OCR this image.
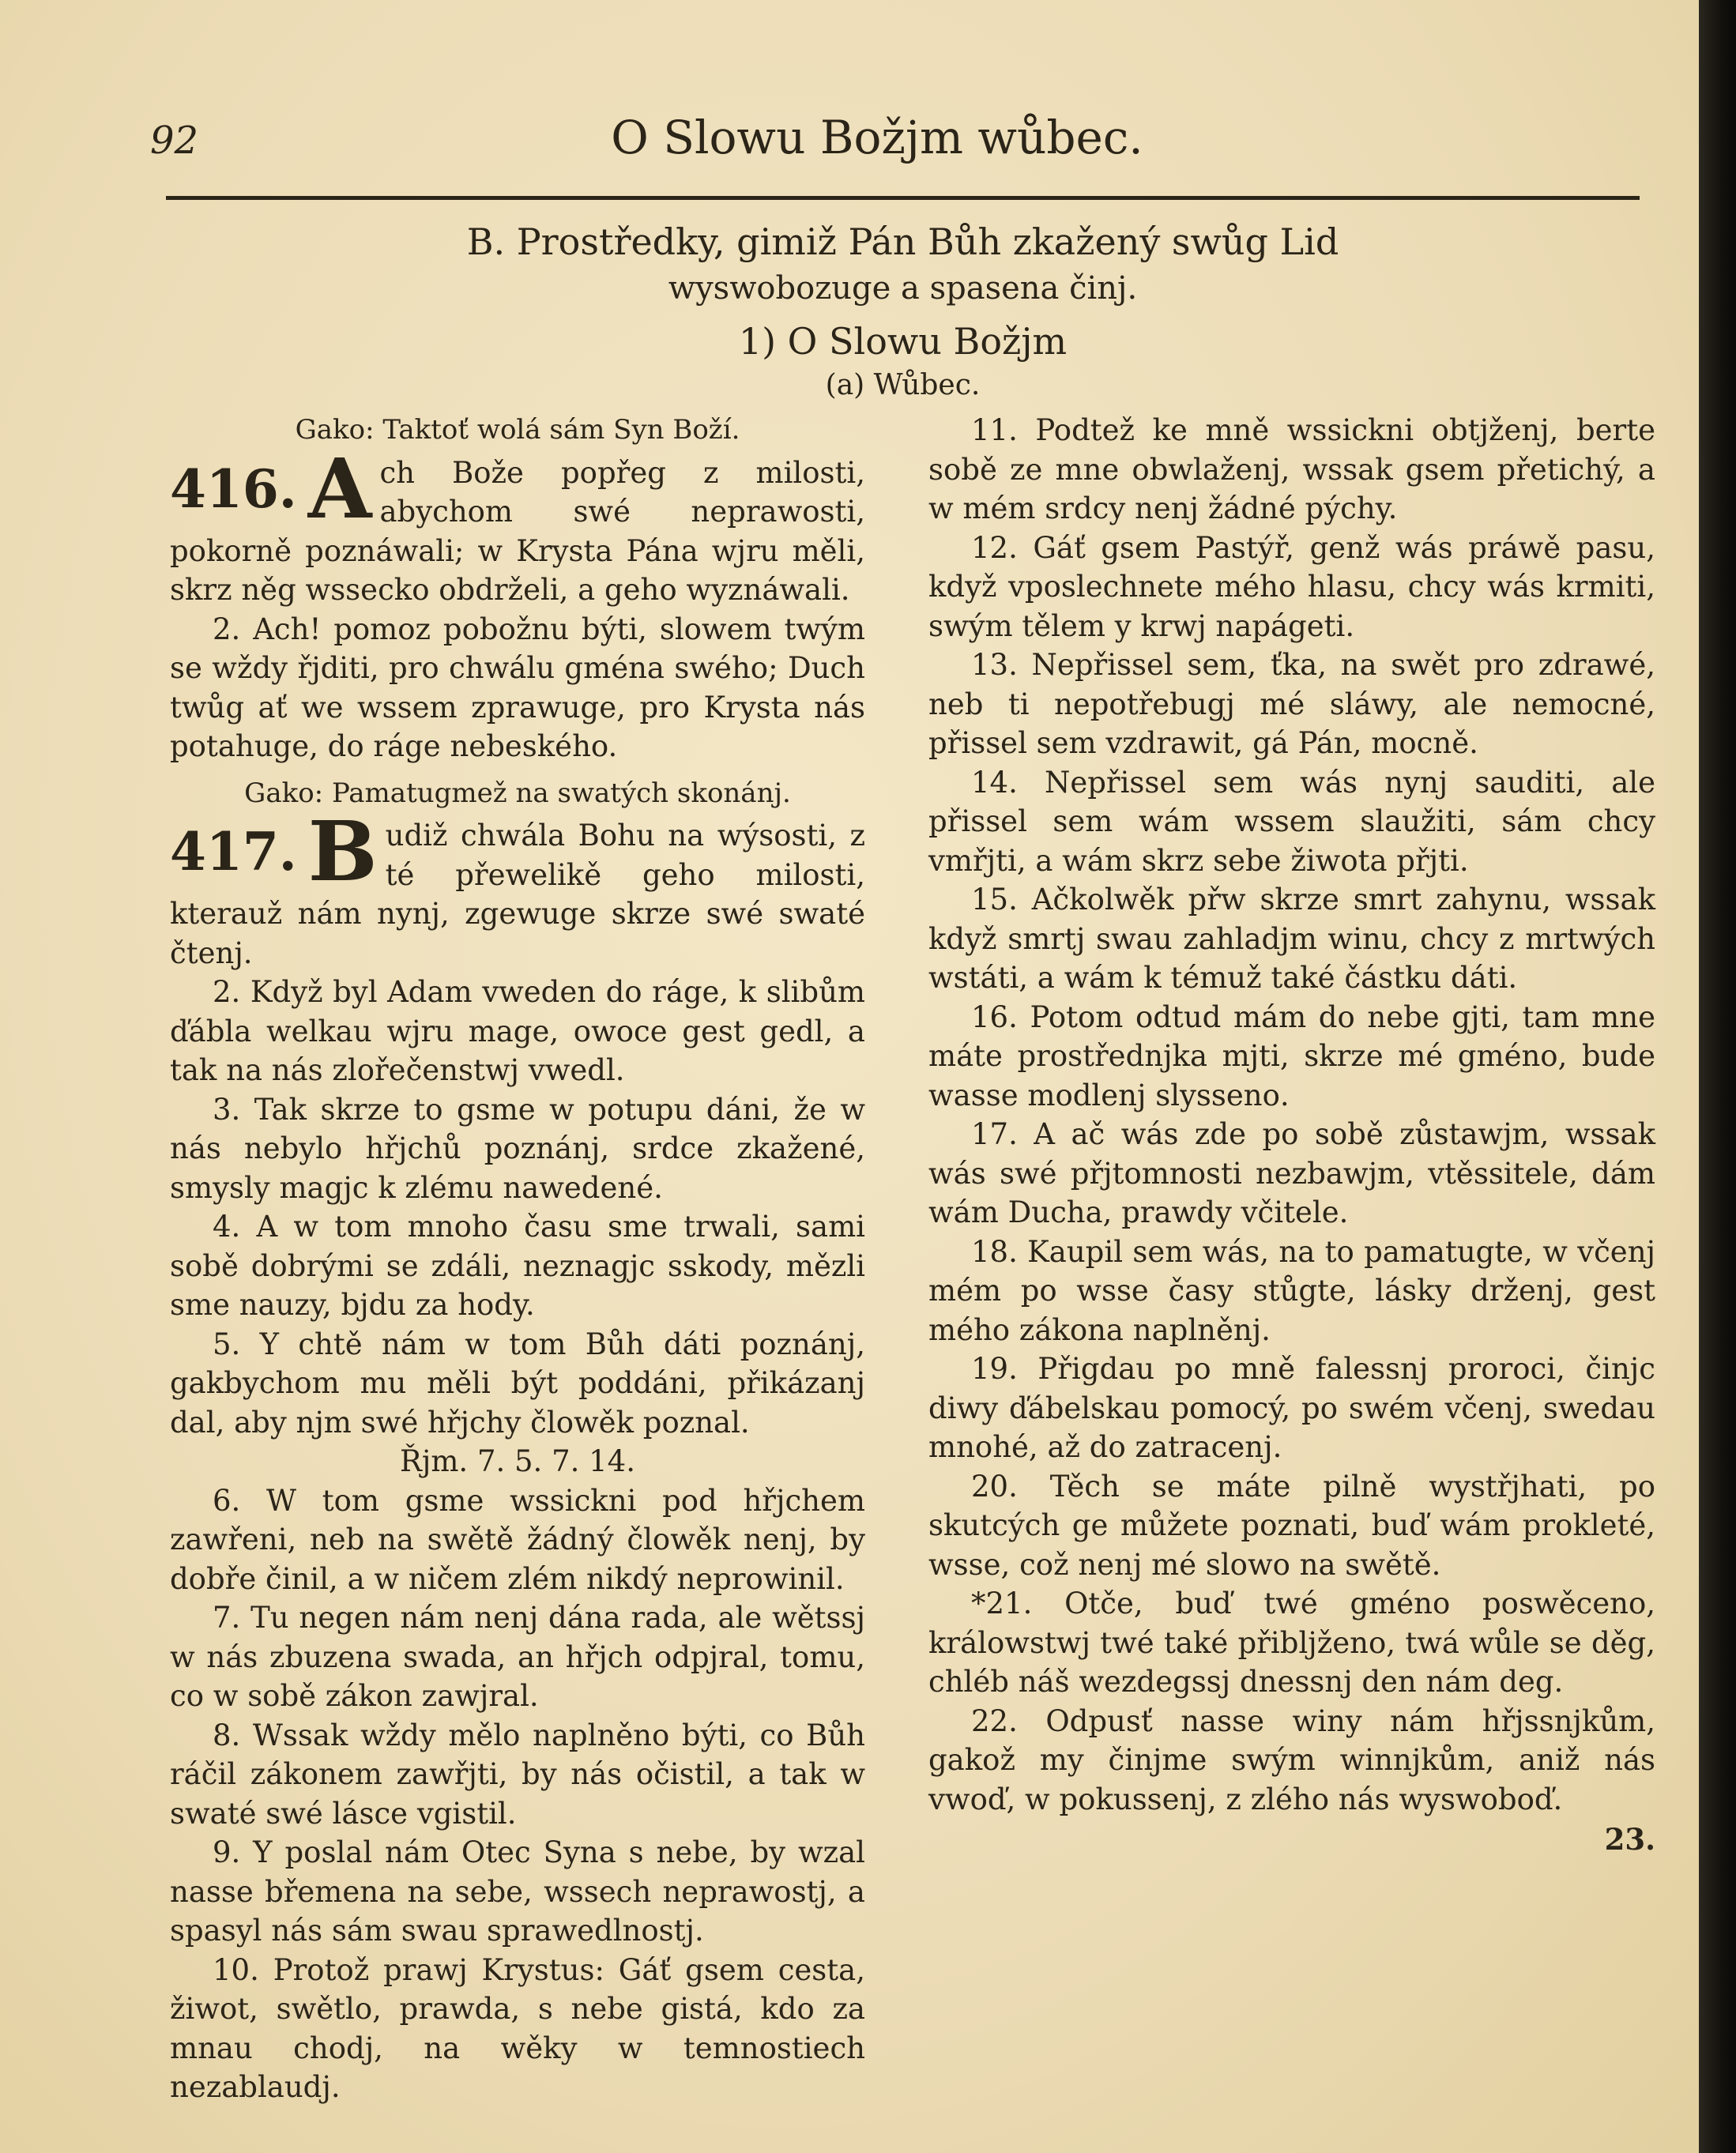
92	O Slowu Božjm wůbec.
B. Prostředky, gimiž Pán Bůh zkažený swůg Lid
wyswobozuge a spasena činj.
1) O Slowu Božjm
(a) Wůbec.

Gako: Taktoť wolá sám Syn Boží.

416. A ch Bože popřeg z milosti, abychom swé neprawosti, pokorně poznáwali; w Krysta Pána wjru měli, skrz něg wssecko obdrželi, a geho wyznáwali.

2. Ach! pomoz pobožnu býti, slowem twým se wždy řjditi, pro chwálu gména swého; Duch twůg ať we wssem zprawuge, pro Krysta nás potahuge, do ráge nebeského.

Gako: Pamatugmež na swatých skonánj.

417. B udiž chwála Bohu na wýsosti, z té přewelikě geho milosti, kterauž nám nynj, zgewuge skrze swé swaté čtenj.

2. Když byl Adam vweden do ráge, k slibům ďábla welkau wjru mage, owoce gest gedl, a tak na nás zlořečenstwj vwedl.

3. Tak skrze to gsme w potupu dáni, že w nás nebylo hřjchů poznánj, srdce zkažené, smysly magjc k zlému nawedené.

4. A w tom mnoho času sme trwali, sami sobě dobrými se zdáli, neznagjc sskody, mězli sme nauzy, bjdu za hody.

5. Y chtě nám w tom Bůh dáti poznánj, gakbychom mu měli být poddáni, přikázanj dal, aby njm swé hřjchy člowěk poznal.

Řjm. 7. 5. 7. 14.

6. W tom gsme wssickni pod hřjchem zawřeni, neb na swětě žádný člowěk nenj, by dobře činil, a w ničem zlém nikdý neprowinil.

7. Tu negen nám nenj dána rada, ale wětssj w nás zbuzena swada, an hřjch odpjral, tomu, co w sobě zákon zawjral.

8. Wssak wždy mělo naplněno býti, co Bůh ráčil zákonem zawřjti, by nás očistil, a tak w swaté swé lásce vgistil.

9. Y poslal nám Otec Syna s nebe, by wzal nasse břemena na sebe, wssech neprawostj, a spasyl nás sám swau sprawedlnostj.

10. Protož prawj Krystus: Gáť gsem cesta, žiwot, swětlo, prawda, s nebe gistá, kdo za mnau chodj, na wěky w temnostiech nezablaudj.

11. Podtež ke mně wssickni obtjženj, berte sobě ze mne obwlaženj, wssak gsem přetichý, a w mém srdcy nenj žádné pýchy.

12. Gáť gsem Pastýř, genž wás práwě pasu, když vposlechnete mého hlasu, chcy wás krmiti, swým tělem y krwj napágeti.

13. Nepřissel sem, ťka, na swět pro zdrawé, neb ti nepotřebugj mé sláwy, ale nemocné, přissel sem vzdrawit, gá Pán, mocně.

14. Nepřissel sem wás nynj sauditi, ale přissel sem wám wssem slaužiti, sám chcy vmřjti, a wám skrz sebe žiwota přjti.

15. Ačkolwěk přw skrze smrt zahynu, wssak když smrtj swau zahladjm winu, chcy z mrtwých wstáti, a wám k témuž také částku dáti.

16. Potom odtud mám do nebe gjti, tam mne máte prostřednjka mjti, skrze mé gméno, bude wasse modlenj slyssenо.

17. A ač wás zde po sobě zůstawjm, wssak wás swé přjtomnosti nezbawjm, vtěssitele, dám wám Ducha, prawdy včitele.

18. Kaupil sem wás, na to pamatugte, w včenj mém po wsse časy stůgte, lásky drženj, gest mého zákona naplněnj.

19. Přigdau po mně falessnj proroci, činjc diwy ďábelskau pomocý, po swém včenj, swedau mnohé, až do zatracenj.

20. Těch se máte pilně wystřjhati, po skutcých ge můžete poznati, buď wám prokleté, wsse, což nenj mé slowo na swětě.

*21. Otče, buď twé gméno poswěceno, králowstwj twé také přibljženo, twá wůle se děg, chléb náš wezdegssj dnessnj den nám deg.

22. Odpusť nasse winy nám hřjssnjkům, gakož my činjme swým winnjkům, aniž nás vwoď, w pokussenj, z zlého nás wyswoboď.

23.
